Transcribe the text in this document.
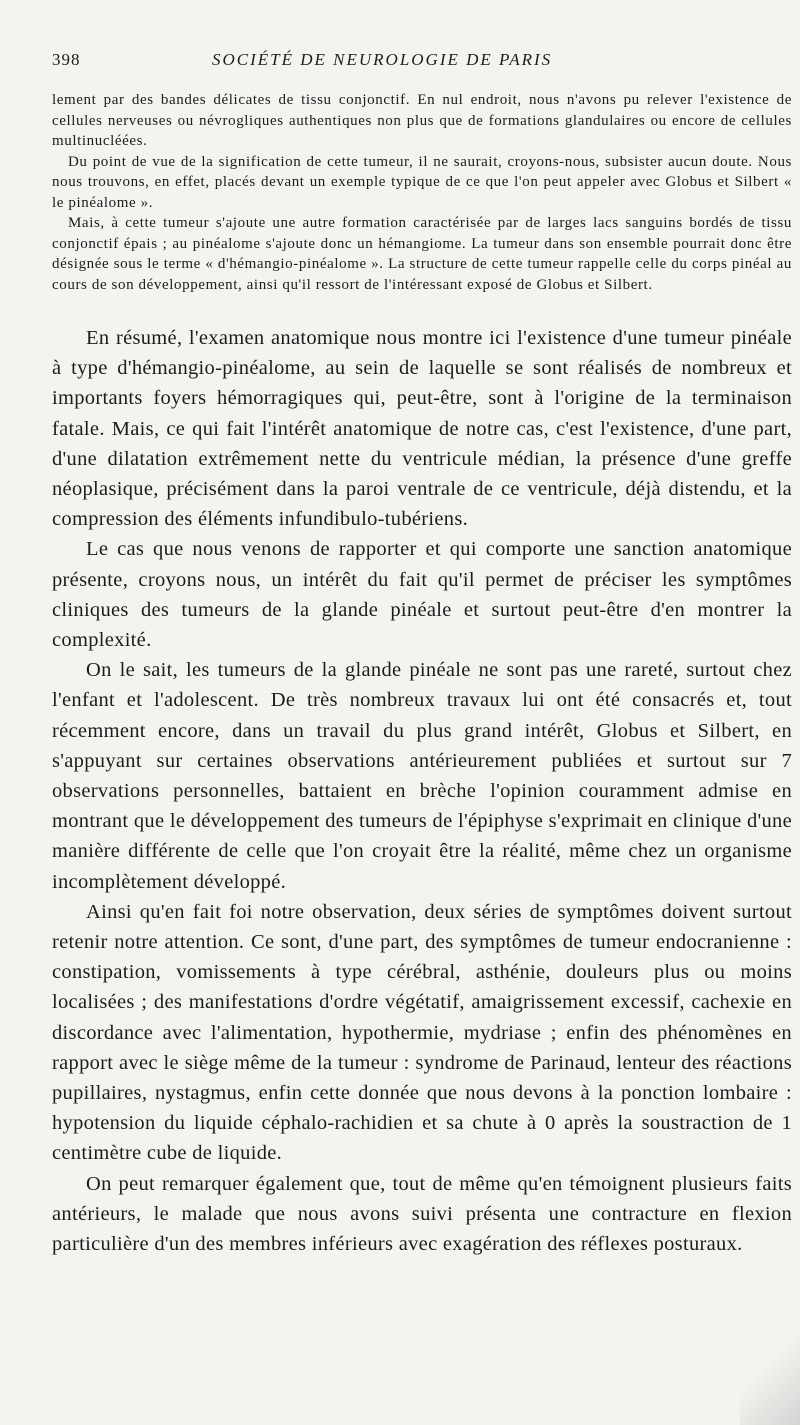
398	SOCIÉTÉ DE NEUROLOGIE DE PARIS

lement par des bandes délicates de tissu conjonctif. En nul endroit, nous n'avons pu relever l'existence de cellules nerveuses ou névrogliques authentiques non plus que de formations glandulaires ou encore de cellules multinucléées.

Du point de vue de la signification de cette tumeur, il ne saurait, croyons-nous, subsister aucun doute. Nous nous trouvons, en effet, placés devant un exemple typique de ce que l'on peut appeler avec Globus et Silbert « le pinéalome ».

Mais, à cette tumeur s'ajoute une autre formation caractérisée par de larges lacs sanguins bordés de tissu conjonctif épais ; au pinéalome s'ajoute donc un hémangiome. La tumeur dans son ensemble pourrait donc être désignée sous le terme « d'hémangio-pinéalome ». La structure de cette tumeur rappelle celle du corps pinéal au cours de son développement, ainsi qu'il ressort de l'intéressant exposé de Globus et Silbert.

En résumé, l'examen anatomique nous montre ici l'existence d'une tumeur pinéale à type d'hémangio-pinéalome, au sein de laquelle se sont réalisés de nombreux et importants foyers hémorragiques qui, peut-être, sont à l'origine de la terminaison fatale. Mais, ce qui fait l'intérêt anatomique de notre cas, c'est l'existence, d'une part, d'une dilatation extrêmement nette du ventricule médian, la présence d'une greffe néoplasique, précisément dans la paroi ventrale de ce ventricule, déjà distendu, et la compression des éléments infundibulo-tubériens.

Le cas que nous venons de rapporter et qui comporte une sanction anatomique présente, croyons nous, un intérêt du fait qu'il permet de préciser les symptômes cliniques des tumeurs de la glande pinéale et surtout peut-être d'en montrer la complexité.

On le sait, les tumeurs de la glande pinéale ne sont pas une rareté, surtout chez l'enfant et l'adolescent. De très nombreux travaux lui ont été consacrés et, tout récemment encore, dans un travail du plus grand intérêt, Globus et Silbert, en s'appuyant sur certaines observations antérieurement publiées et surtout sur 7 observations personnelles, battaient en brèche l'opinion couramment admise en montrant que le développement des tumeurs de l'épiphyse s'exprimait en clinique d'une manière différente de celle que l'on croyait être la réalité, même chez un organisme incomplètement développé.

Ainsi qu'en fait foi notre observation, deux séries de symptômes doivent surtout retenir notre attention. Ce sont, d'une part, des symptômes de tumeur endocranienne : constipation, vomissements à type cérébral, asthénie, douleurs plus ou moins localisées ; des manifestations d'ordre végétatif, amaigrissement excessif, cachexie en discordance avec l'alimentation, hypothermie, mydriase ; enfin des phénomènes en rapport avec le siège même de la tumeur : syndrome de Parinaud, lenteur des réactions pupillaires, nystagmus, enfin cette donnée que nous devons à la ponction lombaire : hypotension du liquide céphalo-rachidien et sa chute à 0 après la soustraction de 1 centimètre cube de liquide.

On peut remarquer également que, tout de même qu'en témoignent plusieurs faits antérieurs, le malade que nous avons suivi présenta une contracture en flexion particulière d'un des membres inférieurs avec exagération des réflexes posturaux.
